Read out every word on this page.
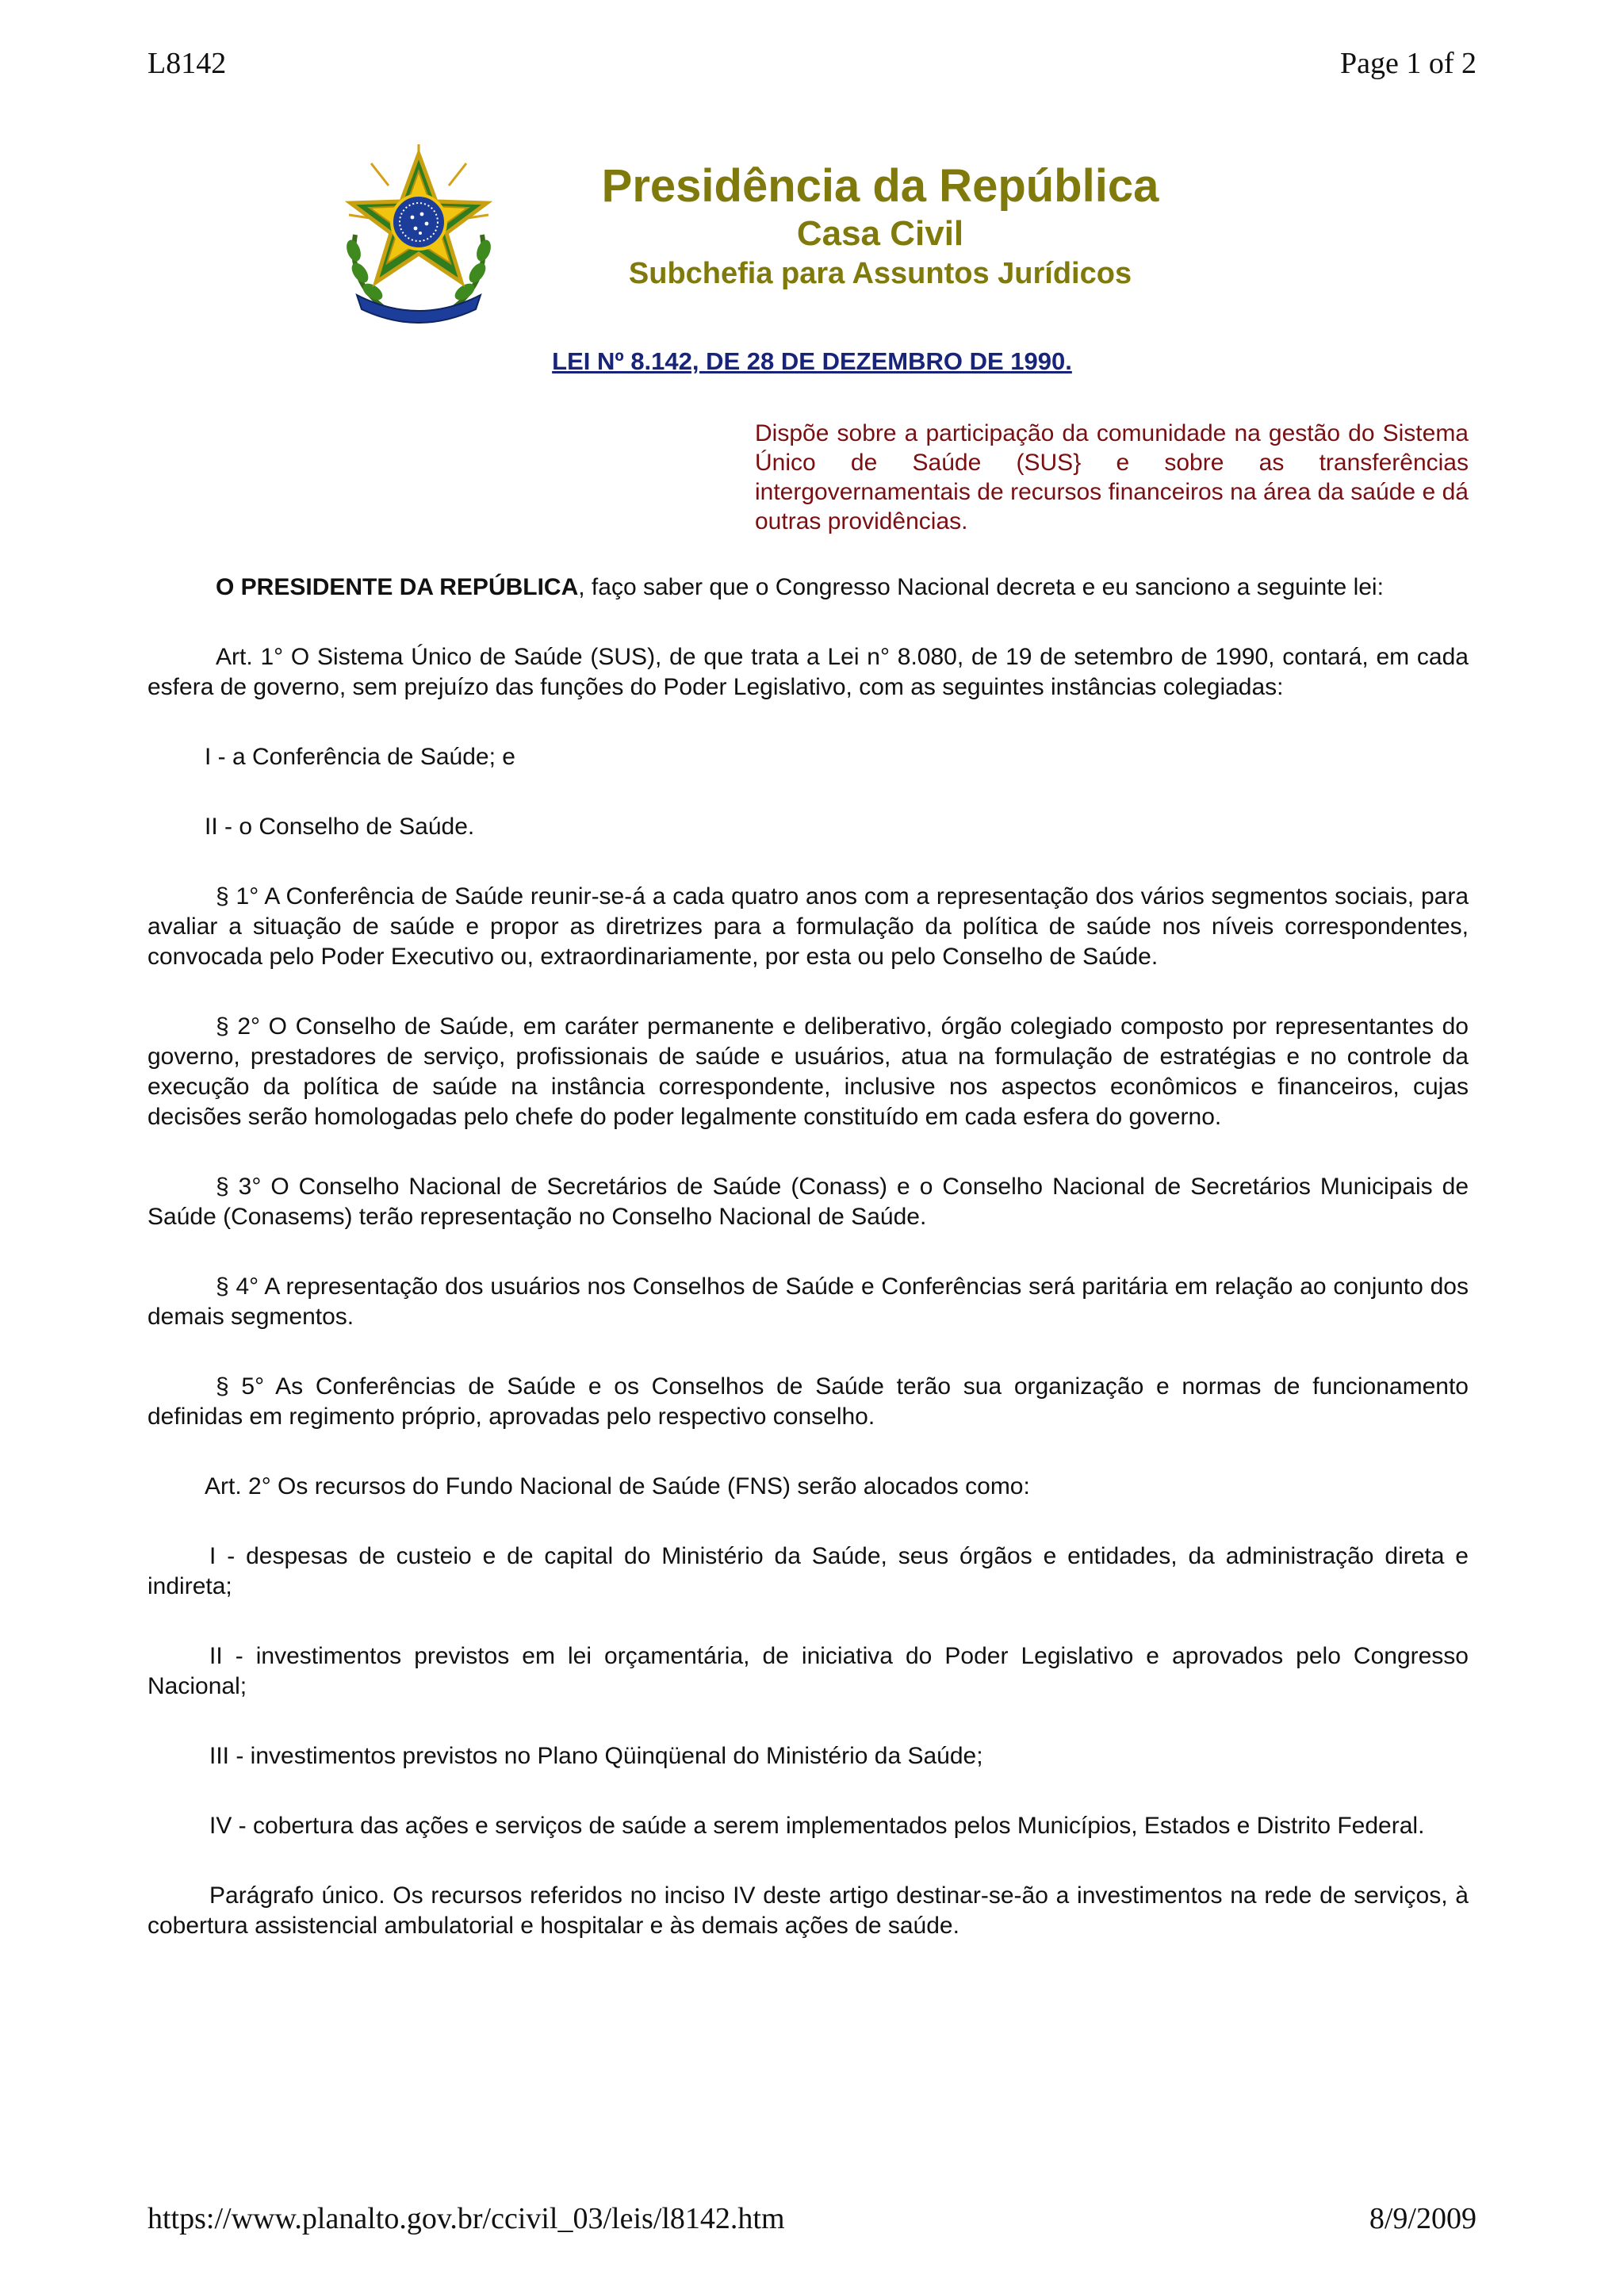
L8142	Page 1 of 2
Presidência da República
Casa Civil
Subchefia para Assuntos Jurídicos
LEI Nº 8.142, DE 28 DE DEZEMBRO DE 1990.
Dispõe sobre a participação da comunidade na gestão do Sistema Único de Saúde (SUS} e sobre as transferências intergovernamentais de recursos financeiros na área da saúde e dá outras providências.

O PRESIDENTE DA REPÚBLICA, faço saber que o Congresso Nacional decreta e eu sanciono a seguinte lei:

Art. 1° O Sistema Único de Saúde (SUS), de que trata a Lei n° 8.080, de 19 de setembro de 1990, contará, em cada esfera de governo, sem prejuízo das funções do Poder Legislativo, com as seguintes instâncias colegiadas:

I - a Conferência de Saúde; e

II - o Conselho de Saúde.

§ 1° A Conferência de Saúde reunir-se-á a cada quatro anos com a representação dos vários segmentos sociais, para avaliar a situação de saúde e propor as diretrizes para a formulação da política de saúde nos níveis correspondentes, convocada pelo Poder Executivo ou, extraordinariamente, por esta ou pelo Conselho de Saúde.

§ 2° O Conselho de Saúde, em caráter permanente e deliberativo, órgão colegiado composto por representantes do governo, prestadores de serviço, profissionais de saúde e usuários, atua na formulação de estratégias e no controle da execução da política de saúde na instância correspondente, inclusive nos aspectos econômicos e financeiros, cujas decisões serão homologadas pelo chefe do poder legalmente constituído em cada esfera do governo.

§ 3° O Conselho Nacional de Secretários de Saúde (Conass) e o Conselho Nacional de Secretários Municipais de Saúde (Conasems) terão representação no Conselho Nacional de Saúde.

§ 4° A representação dos usuários nos Conselhos de Saúde e Conferências será paritária em relação ao conjunto dos demais segmentos.

§ 5° As Conferências de Saúde e os Conselhos de Saúde terão sua organização e normas de funcionamento definidas em regimento próprio, aprovadas pelo respectivo conselho.

Art. 2° Os recursos do Fundo Nacional de Saúde (FNS) serão alocados como:

I - despesas de custeio e de capital do Ministério da Saúde, seus órgãos e entidades, da administração direta e indireta;

II - investimentos previstos em lei orçamentária, de iniciativa do Poder Legislativo e aprovados pelo Congresso Nacional;

III - investimentos previstos no Plano Qüinqüenal do Ministério da Saúde;

IV - cobertura das ações e serviços de saúde a serem implementados pelos Municípios, Estados e Distrito Federal.

Parágrafo único. Os recursos referidos no inciso IV deste artigo destinar-se-ão a investimentos na rede de serviços, à cobertura assistencial ambulatorial e hospitalar e às demais ações de saúde.

https://www.planalto.gov.br/ccivil_03/leis/l8142.htm	8/9/2009
